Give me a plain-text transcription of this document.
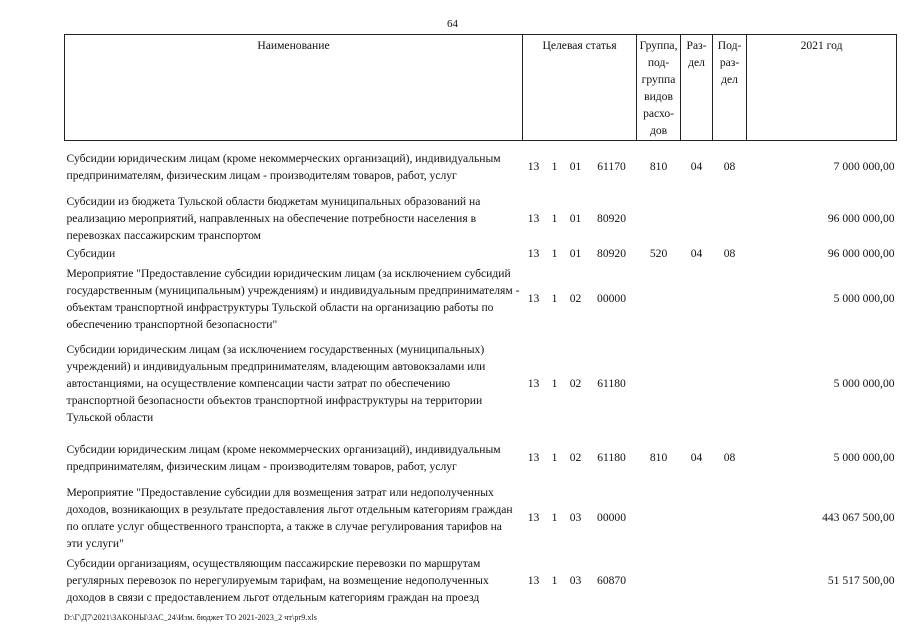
64
Наименование	Целевая статья				Группа, под- группа видов расхо- дов	Раз- дел	Под- раз- дел	2021 год
Субсидии юридическим лицам (кроме некоммерческих организаций), индивидуальным предпринимателям, физическим лицам - производителям товаров, работ, услуг	13	1	01	61170	810	04	08	7 000 000,00
Субсидии из бюджета Тульской области бюджетам муниципальных образований на реализацию мероприятий, направленных на обеспечение потребности населения в перевозках пассажирским транспортом	13	1	01	80920				96 000 000,00
Субсидии	13	1	01	80920	520	04	08	96 000 000,00
Мероприятие "Предоставление субсидии юридическим лицам (за исключением субсидий государственным (муниципальным) учреждениям) и индивидуальным предпринимателям - объектам транспортной инфраструктуры Тульской области на организацию работы по обеспечению транспортной безопасности"	13	1	02	00000				5 000 000,00
Субсидии юридическим лицам (за исключением государственных (муниципальных) учреждений) и индивидуальным предпринимателям, владеющим автовокзалами или автостанциями, на осуществление компенсации части затрат по обеспечению транспортной безопасности объектов транспортной инфраструктуры на территории Тульской области	13	1	02	61180				5 000 000,00
Субсидии юридическим лицам (кроме некоммерческих организаций), индивидуальным предпринимателям, физическим лицам - производителям товаров, работ, услуг	13	1	02	61180	810	04	08	5 000 000,00
Мероприятие "Предоставление субсидии для возмещения затрат или недополученных доходов, возникающих в результате предоставления льгот отдельным категориям граждан по оплате услуг общественного транспорта, а также в случае регулирования тарифов на эти услуги"	13	1	03	00000				443 067 500,00
Субсидии организациям, осуществляющим пассажирские перевозки по маршрутам регулярных перевозок по нерегулируемым тарифам, на возмещение недополученных доходов в связи с предоставлением льгот отдельным категориям граждан на проезд	13	1	03	60870				51 517 500,00
D:\Г\Д7\2021\ЗАКОНЫ\ЗАС_24\Изм. бюджет ТО 2021-2023_2 чт\pr9.xls
